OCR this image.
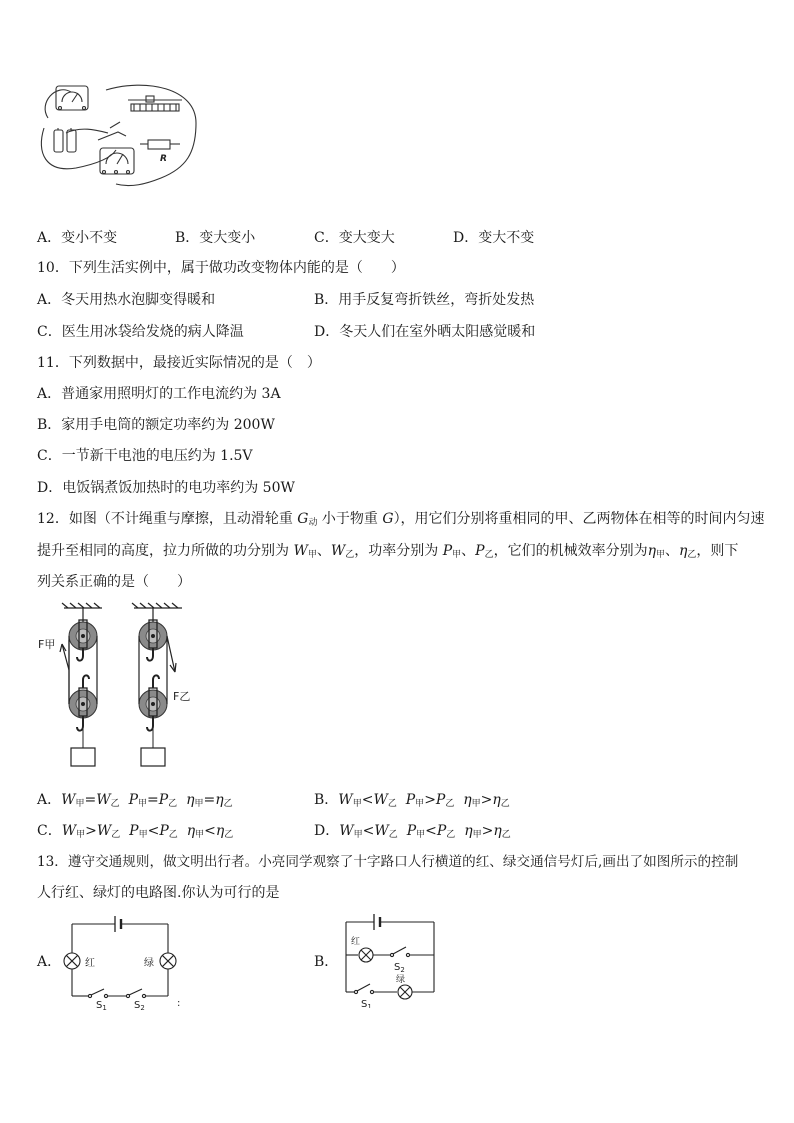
R
A．变小不变	B．变大变小	C．变大变大	D．变大不变
10．下列生活实例中，属于做功改变物体内能的是（　　）
A．冬天用热水泡脚变得暖和	B．用手反复弯折铁丝，弯折处发热
C．医生用冰袋给发烧的病人降温	D．冬天人们在室外晒太阳感觉暖和
11．下列数据中，最接近实际情况的是（　）
A．普通家用照明灯的工作电流约为 3A
B．家用手电筒的额定功率约为 200W
C．一节新干电池的电压约为 1.5V
D．电饭锅煮饭加热时的电功率约为 50W
12．如图（不计绳重与摩擦，且动滑轮重 $G_动$ 小于物重 G），用它们分别将重相同的甲、乙两物体在相等的时间内匀速
提升至相同的高度，拉力所做的功分别为 $W_甲$、$W_乙$，功率分别为 $P_甲$、$P_乙$，它们的机械效率分别为$\eta_甲$、$\eta_乙$，则下
列关系正确的是（　　）
F甲
F乙
A．$W_甲=W_乙$ $P_甲=P_乙$ $\eta_甲=\eta_乙$	B．$W_甲<W_乙$ $P_甲>P_乙$ $\eta_甲>\eta_乙$
C．$W_甲>W_乙$ $P_甲<P_乙$ $\eta_甲<\eta_乙$	D．$W_甲<W_乙$ $P_甲<P_乙$ $\eta_甲>\eta_乙$
13．遵守交通规则，做文明出行者。小亮同学观察了十字路口人行横道的红、绿交通信号灯后,画出了如图所示的控制
人行红、绿灯的电路图.你认为可行的是
A． 红	绿
$S_1$	$S_2$	:
B．
红
$S_2$
绿
$S_1$
